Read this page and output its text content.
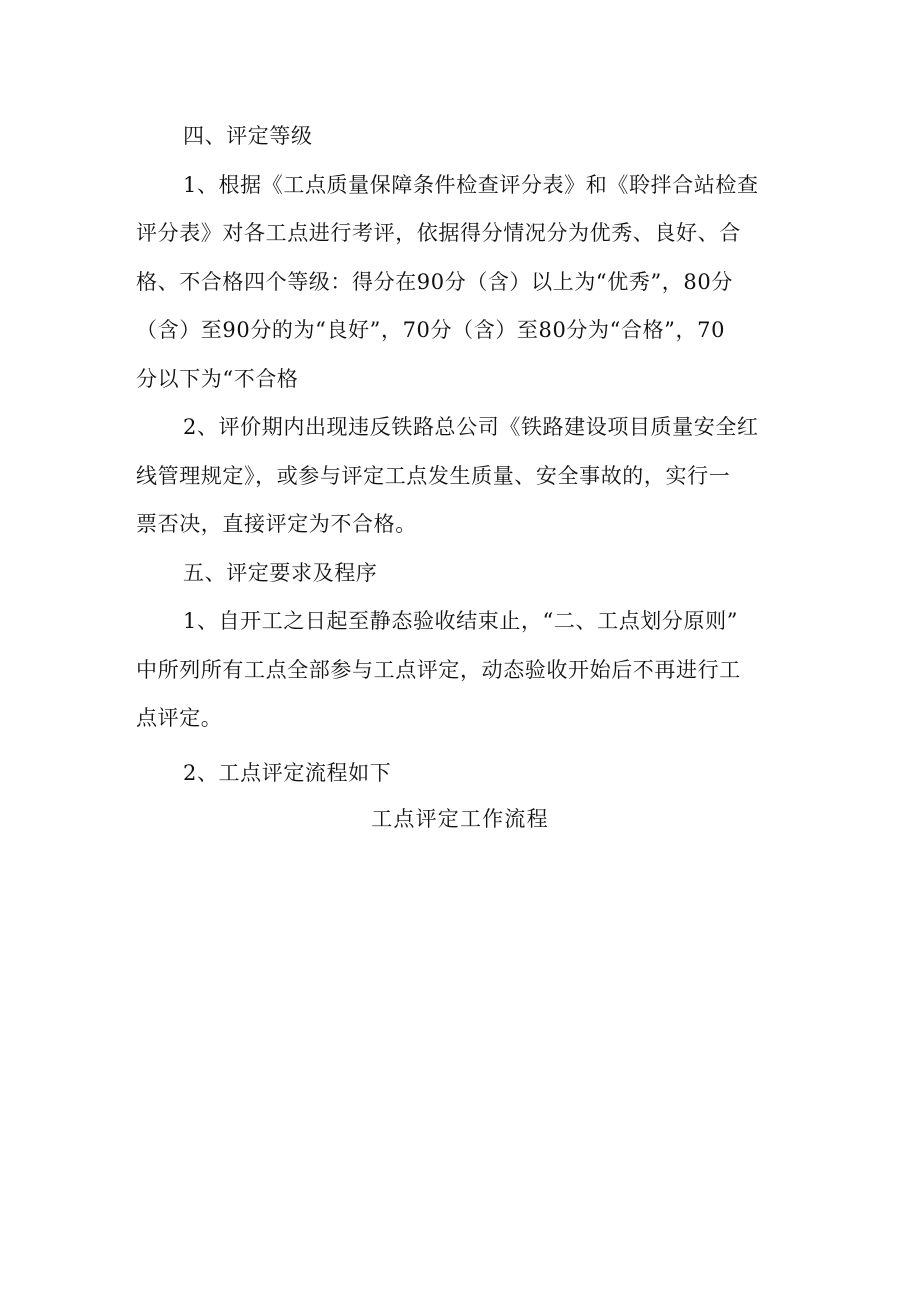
四、评定等级
1、根据《工点质量保障条件检查评分表》和《聆拌合站检查
评分表》对各工点进行考评，依据得分情况分为优秀、良好、合
格、不合格四个等级：得分在90分（含）以上为“优秀”，80分
（含）至90分的为“良好”，70分（含）至80分为“合格”，70
分以下为“不合格
2、评价期内出现违反铁路总公司《铁路建设项目质量安全红
线管理规定》，或参与评定工点发生质量、安全事故的，实行一
票否决，直接评定为不合格。
五、评定要求及程序
1、自开工之日起至静态验收结束止，“二、工点划分原则”
中所列所有工点全部参与工点评定，动态验收开始后不再进行工
点评定。
2、工点评定流程如下
工点评定工作流程
